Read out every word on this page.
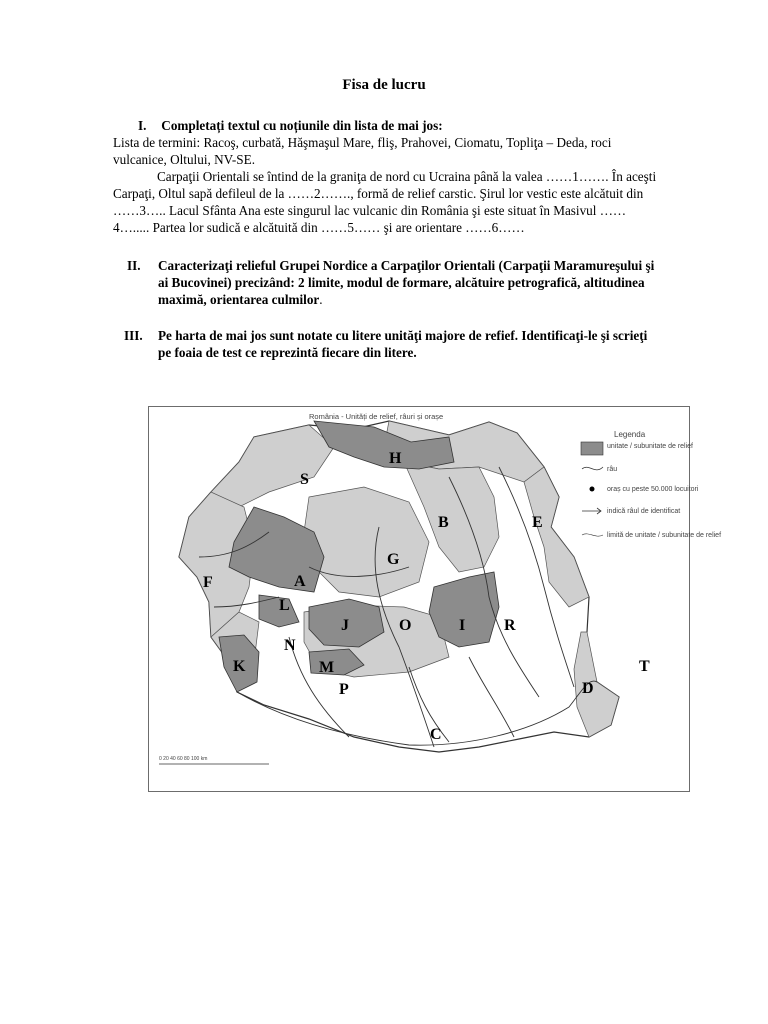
Fisa de lucru
I. Completați textul cu noțiunile din lista de mai jos:
Lista de termini: Racoş, curbată, Hăşmaşul Mare, fliş, Prahovei, Ciomatu, Topliţa – Deda, roci
vulcanice, Oltului, NV-SE.
Carpaţii Orientali se întind de la graniţa de nord cu Ucraina până la valea ……1……. În aceşti
Carpaţi, Oltul sapă defileul de la ……2……., formă de relief carstic. Şirul lor vestic este alcătuit din
……3….. Lacul Sfânta Ana este singurul lac vulcanic din România şi este situat în Masivul ……
4…..... Partea lor sudică e alcătuită din ……5…… şi are orientare ……6……
II. Caracterizaţi relieful Grupei Nordice a Carpaţilor Orientali (Carpaţii Maramureşului şi
ai Bucovinei) precizând: 2 limite, modul de formare, alcătuire petrografică, altitudinea
maximă, orientarea culmilor.
III. Pe harta de mai jos sunt notate cu litere unităţi majore de refief. Identificaţi-le şi scrieţi
pe foaia de test ce reprezintă fiecare din litere.
România - Unități de relief, râuri și orașe
H
S
B	E
G
F	A
L
J	O	I R
N
K	M	T
D
P
C
Legenda
unitate / subunitate de relief
râu
oraș cu peste 50.000 locuitori
indică râul de identificat
limită de unitate / subunitate de relief
0 20 40 60 80 100 km
